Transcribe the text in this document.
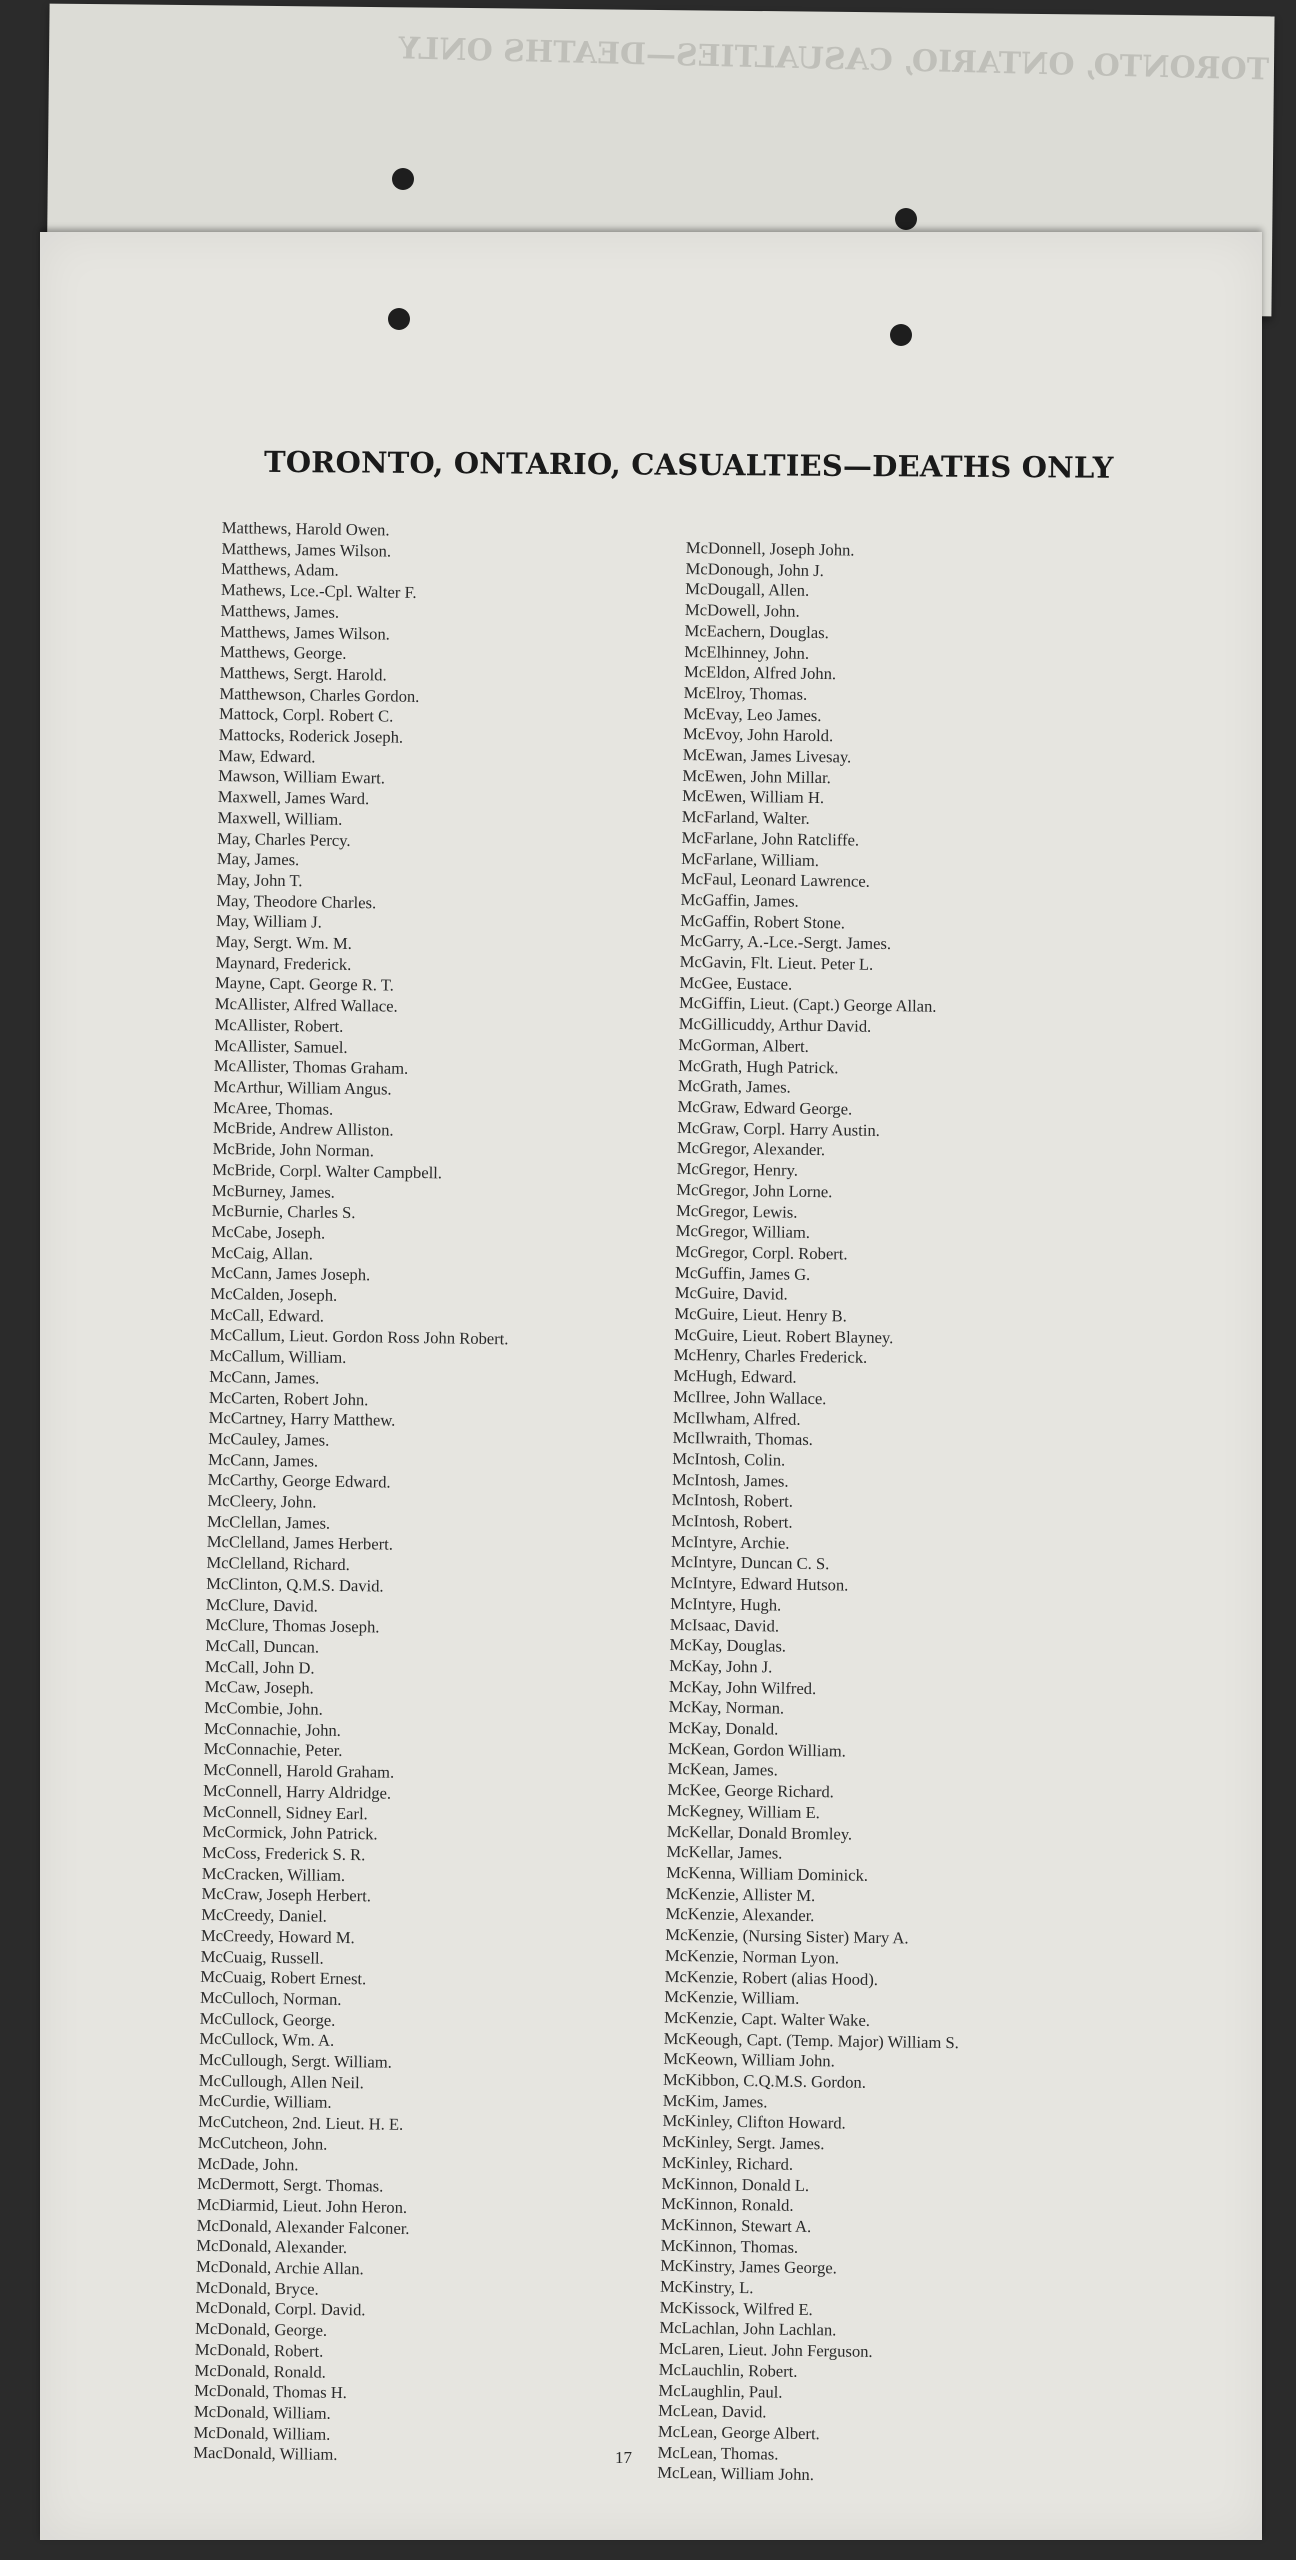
TORONTO, ONTARIO, CASUALTIES—DEATHS ONLY
TORONTO, ONTARIO, CASUALTIES—DEATHS ONLY
Matthews, Harold Owen.
Matthews, James Wilson.
Matthews, Adam.
Mathews, Lce.-Cpl. Walter F.
Matthews, James.
Matthews, James Wilson.
Matthews, George.
Matthews, Sergt. Harold.
Matthewson, Charles Gordon.
Mattock, Corpl. Robert C.
Mattocks, Roderick Joseph.
Maw, Edward.
Mawson, William Ewart.
Maxwell, James Ward.
Maxwell, William.
May, Charles Percy.
May, James.
May, John T.
May, Theodore Charles.
May, William J.
May, Sergt. Wm. M.
Maynard, Frederick.
Mayne, Capt. George R. T.
McAllister, Alfred Wallace.
McAllister, Robert.
McAllister, Samuel.
McAllister, Thomas Graham.
McArthur, William Angus.
McAree, Thomas.
McBride, Andrew Alliston.
McBride, John Norman.
McBride, Corpl. Walter Campbell.
McBurney, James.
McBurnie, Charles S.
McCabe, Joseph.
McCaig, Allan.
McCann, James Joseph.
McCalden, Joseph.
McCall, Edward.
McCallum, Lieut. Gordon Ross John Robert.
McCallum, William.
McCann, James.
McCarten, Robert John.
McCartney, Harry Matthew.
McCauley, James.
McCann, James.
McCarthy, George Edward.
McCleery, John.
McClellan, James.
McClelland, James Herbert.
McClelland, Richard.
McClinton, Q.M.S. David.
McClure, David.
McClure, Thomas Joseph.
McCall, Duncan.
McCall, John D.
McCaw, Joseph.
McCombie, John.
McConnachie, John.
McConnachie, Peter.
McConnell, Harold Graham.
McConnell, Harry Aldridge.
McConnell, Sidney Earl.
McCormick, John Patrick.
McCoss, Frederick S. R.
McCracken, William.
McCraw, Joseph Herbert.
McCreedy, Daniel.
McCreedy, Howard M.
McCuaig, Russell.
McCuaig, Robert Ernest.
McCulloch, Norman.
McCullock, George.
McCullock, Wm. A.
McCullough, Sergt. William.
McCullough, Allen Neil.
McCurdie, William.
McCutcheon, 2nd. Lieut. H. E.
McCutcheon, John.
McDade, John.
McDermott, Sergt. Thomas.
McDiarmid, Lieut. John Heron.
McDonald, Alexander Falconer.
McDonald, Alexander.
McDonald, Archie Allan.
McDonald, Bryce.
McDonald, Corpl. David.
McDonald, George.
McDonald, Robert.
McDonald, Ronald.
McDonald, Thomas H.
McDonald, William.
McDonald, William.
MacDonald, William.
McDonnell, Joseph John.
McDonough, John J.
McDougall, Allen.
McDowell, John.
McEachern, Douglas.
McElhinney, John.
McEldon, Alfred John.
McElroy, Thomas.
McEvay, Leo James.
McEvoy, John Harold.
McEwan, James Livesay.
McEwen, John Millar.
McEwen, William H.
McFarland, Walter.
McFarlane, John Ratcliffe.
McFarlane, William.
McFaul, Leonard Lawrence.
McGaffin, James.
McGaffin, Robert Stone.
McGarry, A.-Lce.-Sergt. James.
McGavin, Flt. Lieut. Peter L.
McGee, Eustace.
McGiffin, Lieut. (Capt.) George Allan.
McGillicuddy, Arthur David.
McGorman, Albert.
McGrath, Hugh Patrick.
McGrath, James.
McGraw, Edward George.
McGraw, Corpl. Harry Austin.
McGregor, Alexander.
McGregor, Henry.
McGregor, John Lorne.
McGregor, Lewis.
McGregor, William.
McGregor, Corpl. Robert.
McGuffin, James G.
McGuire, David.
McGuire, Lieut. Henry B.
McGuire, Lieut. Robert Blayney.
McHenry, Charles Frederick.
McHugh, Edward.
McIlree, John Wallace.
McIlwham, Alfred.
McIlwraith, Thomas.
McIntosh, Colin.
McIntosh, James.
McIntosh, Robert.
McIntosh, Robert.
McIntyre, Archie.
McIntyre, Duncan C. S.
McIntyre, Edward Hutson.
McIntyre, Hugh.
McIsaac, David.
McKay, Douglas.
McKay, John J.
McKay, John Wilfred.
McKay, Norman.
McKay, Donald.
McKean, Gordon William.
McKean, James.
McKee, George Richard.
McKegney, William E.
McKellar, Donald Bromley.
McKellar, James.
McKenna, William Dominick.
McKenzie, Allister M.
McKenzie, Alexander.
McKenzie, (Nursing Sister) Mary A.
McKenzie, Norman Lyon.
McKenzie, Robert (alias Hood).
McKenzie, William.
McKenzie, Capt. Walter Wake.
McKeough, Capt. (Temp. Major) William S.
McKeown, William John.
McKibbon, C.Q.M.S. Gordon.
McKim, James.
McKinley, Clifton Howard.
McKinley, Sergt. James.
McKinley, Richard.
McKinnon, Donald L.
McKinnon, Ronald.
McKinnon, Stewart A.
McKinnon, Thomas.
McKinstry, James George.
McKinstry, L.
McKissock, Wilfred E.
McLachlan, John Lachlan.
McLaren, Lieut. John Ferguson.
McLauchlin, Robert.
McLaughlin, Paul.
McLean, David.
McLean, George Albert.
McLean, Thomas.
McLean, William John.
17
